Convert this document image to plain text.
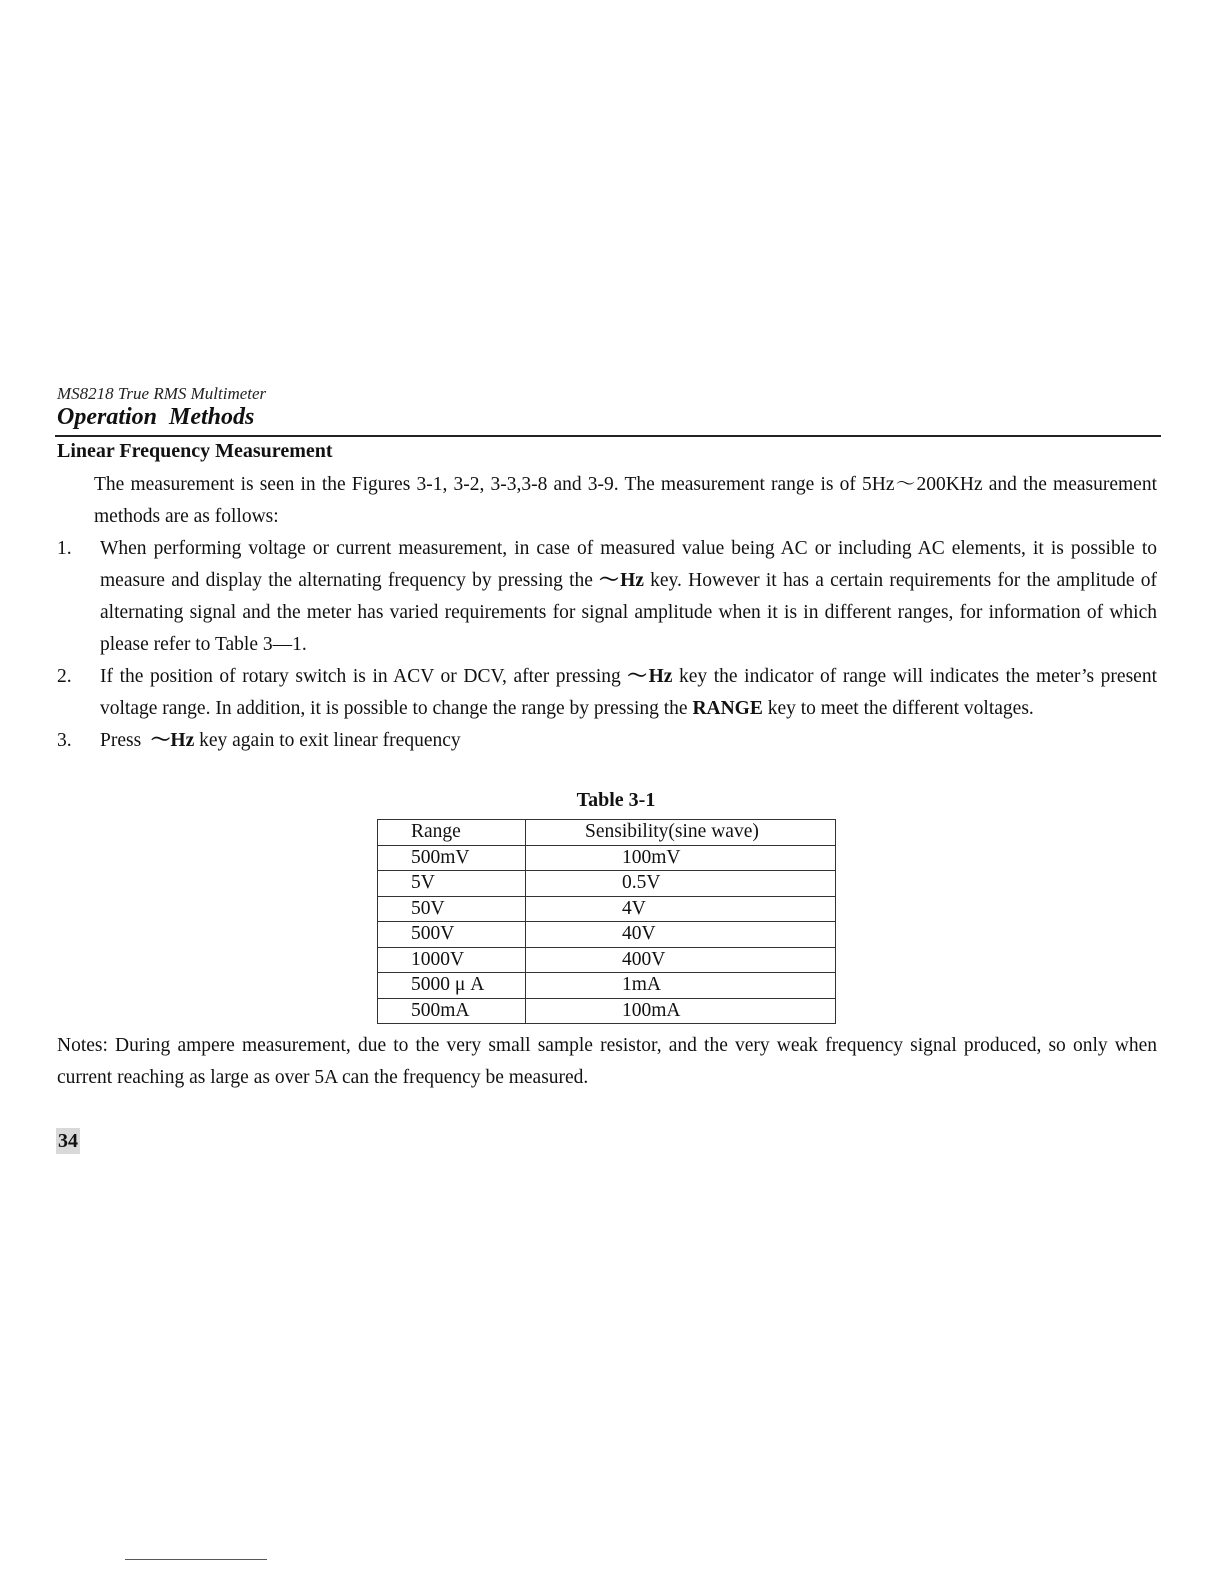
MS8218 True RMS Multimeter
Operation Methods
Linear Frequency Measurement
The measurement is seen in the Figures 3-1, 3-2, 3-3,3-8 and 3-9. The measurement range is of 5Hz～200KHz and the measurement methods are as follows:
1.	When performing voltage or current measurement, in case of measured value being AC or including AC elements, it is possible to measure and display the alternating frequency by pressing the ～Hz key. However it has a certain requirements for the amplitude of alternating signal and the meter has varied requirements for signal amplitude when it is in different ranges, for information of which please refer to Table 3—1.
2.	If the position of rotary switch is in ACV or DCV, after pressing ～Hz key the indicator of range will indicates the meter’s present voltage range. In addition, it is possible to change the range by pressing the RANGE key to meet the different voltages.
3.	Press  ～Hz key again to exit linear frequency
Table 3-1
Range	Sensibility(sine wave)
500mV	100mV
5V	0.5V
50V	4V
500V	40V
1000V	400V
5000 μ A	1mA
500mA	100mA
Notes: During ampere measurement, due to the very small sample resistor, and the very weak frequency signal produced, so only when current reaching as large as over 5A can the frequency be measured.
34
